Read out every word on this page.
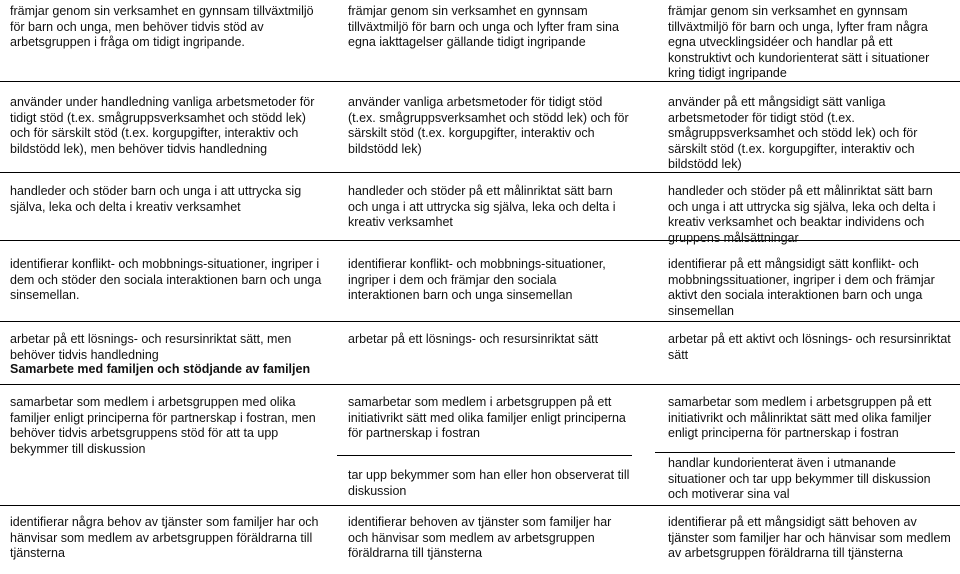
främjar genom sin verksamhet en gynnsam tillväxtmiljö för barn och unga, men behöver tidvis stöd av arbetsgruppen i fråga om tidigt ingripande.
främjar genom sin verksamhet en gynnsam tillväxtmiljö för barn och unga och lyfter fram sina egna iakttagelser gällande tidigt ingripande
främjar genom sin verksamhet en gynnsam tillväxtmiljö för barn och unga, lyfter fram några egna utvecklingsidéer och handlar på ett konstruktivt och kundorienterat sätt i situationer kring tidigt ingripande
använder under handledning vanliga arbetsmetoder för tidigt stöd (t.ex. smågruppsverksamhet och stödd lek) och för särskilt stöd (t.ex. korgupgifter, interaktiv och bildstödd lek), men behöver tidvis handledning
använder vanliga arbetsmetoder för tidigt stöd (t.ex. smågruppsverksamhet och stödd lek) och för särskilt stöd (t.ex. korgupgifter, interaktiv och bildstödd lek)
använder på ett mångsidigt sätt vanliga arbetsmetoder för tidigt stöd (t.ex. smågruppsverksamhet och stödd lek) och för särskilt stöd (t.ex. korgupgifter, interaktiv och bildstödd lek)
handleder och stöder barn och unga i att uttrycka sig själva, leka och delta i kreativ verksamhet
handleder och stöder på ett målinriktat sätt barn och unga i att uttrycka sig själva, leka och delta i kreativ verksamhet
handleder och stöder på ett målinriktat sätt barn och unga i att uttrycka sig själva, leka och delta i kreativ verksamhet och beaktar individens och gruppens målsättningar
identifierar konflikt- och mobbnings-situationer, ingriper i dem och stöder den sociala interaktionen barn och unga sinsemellan.
identifierar konflikt- och mobbnings-situationer, ingriper i dem och främjar den sociala interaktionen barn och unga sinsemellan
identifierar på ett mångsidigt sätt konflikt- och mobbningssituationer, ingriper i dem och främjar aktivt den sociala interaktionen barn och unga sinsemellan
arbetar på ett lösnings- och resursinriktat sätt, men behöver tidvis handledning
arbetar på ett lösnings- och resursinriktat sätt	arbetar på ett aktivt och lösnings- och resursinriktat sätt
Samarbete med familjen och stödjande av familjen
samarbetar som medlem i arbetsgruppen med olika familjer enligt principerna för partnerskap i fostran, men behöver tidvis arbetsgruppens stöd för att ta upp bekymmer till diskussion
samarbetar som medlem i arbetsgruppen på ett initiativrikt sätt med olika familjer enligt principerna för partnerskap i fostran
tar upp bekymmer som han eller hon observerat till diskussion
samarbetar som medlem i arbetsgruppen på ett initiativrikt och målinriktat sätt med olika familjer enligt principerna för partnerskap i fostran
handlar kundorienterat även i utmanande situationer och tar upp bekymmer till diskussion och motiverar sina val
identifierar några behov av tjänster som familjer har och hänvisar som medlem av arbetsgruppen föräldrarna till tjänsterna
identifierar behoven av tjänster som familjer har och hänvisar som medlem av arbetsgruppen föräldrarna till tjänsterna
identifierar på ett mångsidigt sätt behoven av tjänster som familjer har och hänvisar som medlem av arbetsgruppen föräldrarna till tjänsterna
